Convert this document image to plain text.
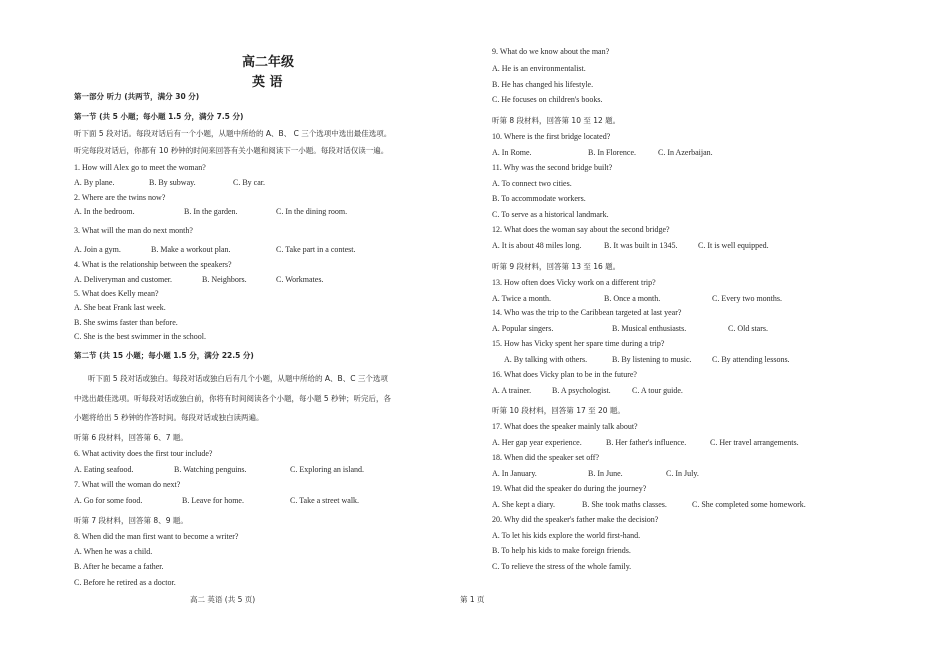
高二年级
英 语
第一部分 听力 (共两节，满分 30 分)
第一节 (共 5 小题；每小题 1.5 分，满分 7.5 分)
听下面 5 段对话。每段对话后有一个小题，从题中所给的 A、B、 C 三个选项中选出最佳选项。
听完每段对话后，你都有 10 秒钟的时间来回答有关小题和阅读下一小题。每段对话仅读一遍。
1. How will Alex go to meet the woman?
A. By plane.	B. By subway.	C. By car.
2. Where are the twins now?
A. In the bedroom.	B. In the garden.	C. In the dining room.
3. What will the man do next month?
A. Join a gym.	B. Make a workout plan.	C. Take part in a contest.
4. What is the relationship between the speakers?
A. Deliveryman and customer.	B. Neighbors.	C. Workmates.
5. What does Kelly mean?
A. She beat Frank last week.
B. She swims faster than before.
C. She is the best swimmer in the school.
第二节 (共 15 小题；每小题 1.5 分，满分 22.5 分)
听下面 5 段对话或独白。每段对话或独白后有几个小题，从题中所给的 A、B、C 三个选项
中选出最佳选项。听每段对话或独白前，你将有时间阅读各个小题，每小题 5 秒钟；听完后，各
小题将给出 5 秒钟的作答时间。每段对话或独白读两遍。
听第 6 段材料，回答第 6、7 题。
6. What activity does the first tour include?
A. Eating seafood.	B. Watching penguins.	C. Exploring an island.
7. What will the woman do next?
A. Go for some food.	B. Leave for home.	C. Take a street walk.
听第 7 段材料，回答第 8、9 题。
8. When did the man first want to become a writer?
A. When he was a child.
B. After he became a father.
C. Before he retired as a doctor.
9. What do we know about the man?
A. He is an environmentalist.
B. He has changed his lifestyle.
C. He focuses on children's books.
听第 8 段材料，回答第 10 至 12 题。
10. Where is the first bridge located?
A. In Rome.	B. In Florence.	C. In Azerbaijan.
11. Why was the second bridge built?
A. To connect two cities.
B. To accommodate workers.
C. To serve as a historical landmark.
12. What does the woman say about the second bridge?
A. It is about 48 miles long.	B. It was built in 1345.	C. It is well equipped.
听第 9 段材料，回答第 13 至 16 题。
13. How often does Vicky work on a different trip?
A. Twice a month.	B. Once a month.	C. Every two months.
14. Who was the trip to the Caribbean targeted at last year?
A. Popular singers.	B. Musical enthusiasts.	C. Old stars.
15. How has Vicky spent her spare time during a trip?
A. By talking with others.	B. By listening to music.	C. By attending lessons.
16. What does Vicky plan to be in the future?
A. A trainer.	B. A psychologist.	C. A tour guide.
听第 10 段材料，回答第 17 至 20 题。
17. What does the speaker mainly talk about?
A. Her gap year experience.	B. Her father's influence.	C. Her travel arrangements.
18. When did the speaker set off?
A. In January.	B. In June.	C. In July.
19. What did the speaker do during the journey?
A. She kept a diary.	B. She took maths classes.	C. She completed some homework.
20. Why did the speaker's father make the decision?
A. To let his kids explore the world first-hand.
B. To help his kids to make foreign friends.
C. To relieve the stress of the whole family.
高二 英语 (共 5 页)	第 1 页
